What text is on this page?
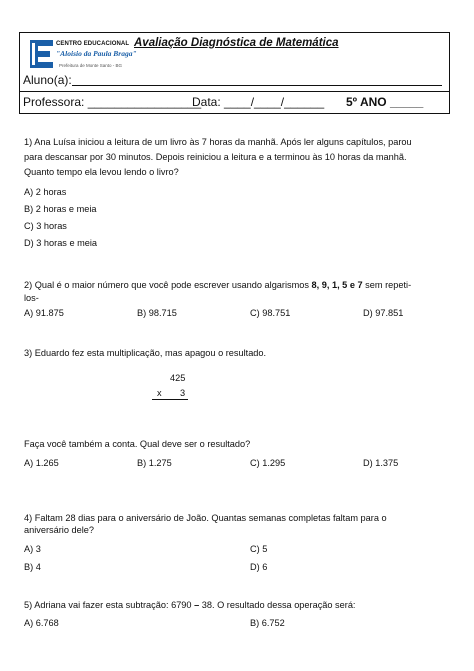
CENTRO EDUCACIONAL
"Aloisio da Paula Braga"
Prefeitura de Monte Santo - BG
Avaliação Diagnóstica de Matemática
Aluno(a):
Professora: _________________
Data: ____/____/______ 5º ANO _____
1) Ana Luísa iniciou a leitura de um livro às 7 horas da manhã. Após ler alguns capítulos, parou
para descansar por 30 minutos. Depois reiniciou a leitura e a terminou às 10 horas da manhã.
Quanto tempo ela levou lendo o livro?
A) 2 horas
B) 2 horas e meia
C) 3 horas
D) 3 horas e meia
2) Qual é o maior número que você pode escrever usando algarismos 8, 9, 1, 5 e 7 sem repeti-
los-
A) 91.875	B) 98.715	C) 98.751	D) 97.851
3) Eduardo fez esta multiplicação, mas apagou o resultado.
425
x 3
Faça você também a conta. Qual deve ser o resultado?
A) 1.265	B) 1.275	C) 1.295	D) 1.375
4) Faltam 28 dias para o aniversário de João. Quantas semanas completas faltam para o
aniversário dele?
A) 3	C) 5
B) 4	D) 6
5) Adriana vai fazer esta subtração: 6790 – 38. O resultado dessa operação será:
A) 6.768	B) 6.752
